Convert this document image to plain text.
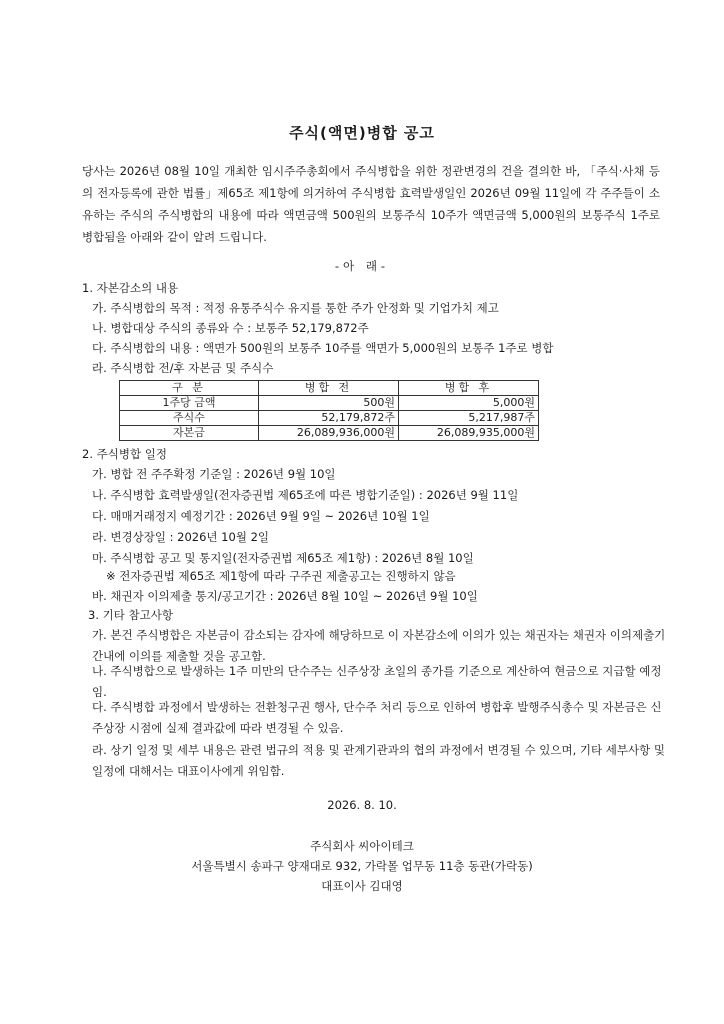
주식(액면)병합 공고
당사는 2026년 08월 10일 개최한 임시주주총회에서 주식병합을 위한 정관변경의 건을 결의한 바, 「주식·사채 등의 전자등록에 관한 법률」제65조 제1항에 의거하여 주식병합 효력발생일인 2026년 09월 11일에 각 주주들이 소유하는 주식의 주식병합의 내용에 따라 액면금액 500원의 보통주식 10주가 액면금액 5,000원의 보통주식 1주로 병합됨을 아래와 같이 알려 드립니다.
-아 래-
1. 자본감소의 내용
가. 주식병합의 목적 : 적정 유통주식수 유지를 통한 주가 안정화 및 기업가치 제고
나. 병합대상 주식의 종류와 수 : 보통주 52,179,872주
다. 주식병합의 내용 : 액면가 500원의 보통주 10주를 액면가 5,000원의 보통주 1주로 병합
라. 주식병합 전/후 자본금 및 주식수
구 분	병합 전	병합 후
1주당 금액	500원	5,000원
주식수	52,179,872주	5,217,987주
자본금	26,089,936,000원	26,089,935,000원
2. 주식병합 일정
가. 병합 전 주주확정 기준일 : 2026년 9월 10일
나. 주식병합 효력발생일(전자증권법 제65조에 따른 병합기준일) : 2026년 9월 11일
다. 매매거래정지 예정기간 : 2026년 9월 9일 ~ 2026년 10월 1일
라. 변경상장일 : 2026년 10월 2일
마. 주식병합 공고 및 통지일(전자증권법 제65조 제1항) : 2026년 8월 10일
※ 전자증권법 제65조 제1항에 따라 구주권 제출공고는 진행하지 않음
바. 채권자 이의제출 통지/공고기간 : 2026년 8월 10일 ~ 2026년 9월 10일
3. 기타 참고사항
가. 본건 주식병합은 자본금이 감소되는 감자에 해당하므로 이 자본감소에 이의가 있는 채권자는 채권자 이의제출기간내에 이의를 제출할 것을 공고함.
나. 주식병합으로 발생하는 1주 미만의 단수주는 신주상장 초일의 종가를 기준으로 계산하여 현금으로 지급할 예정임.
다. 주식병합 과정에서 발생하는 전환청구권 행사, 단수주 처리 등으로 인하여 병합후 발행주식총수 및 자본금은 신주상장 시점에 실제 결과값에 따라 변경될 수 있음.
라. 상기 일정 및 세부 내용은 관련 법규의 적용 및 관계기관과의 협의 과정에서 변경될 수 있으며, 기타 세부사항 및 일정에 대해서는 대표이사에게 위임함.
2026. 8. 10.
주식회사 씨아이테크
서울특별시 송파구 양재대로 932, 가락몰 업무동 11층 동관(가락동)
대표이사 김대영
